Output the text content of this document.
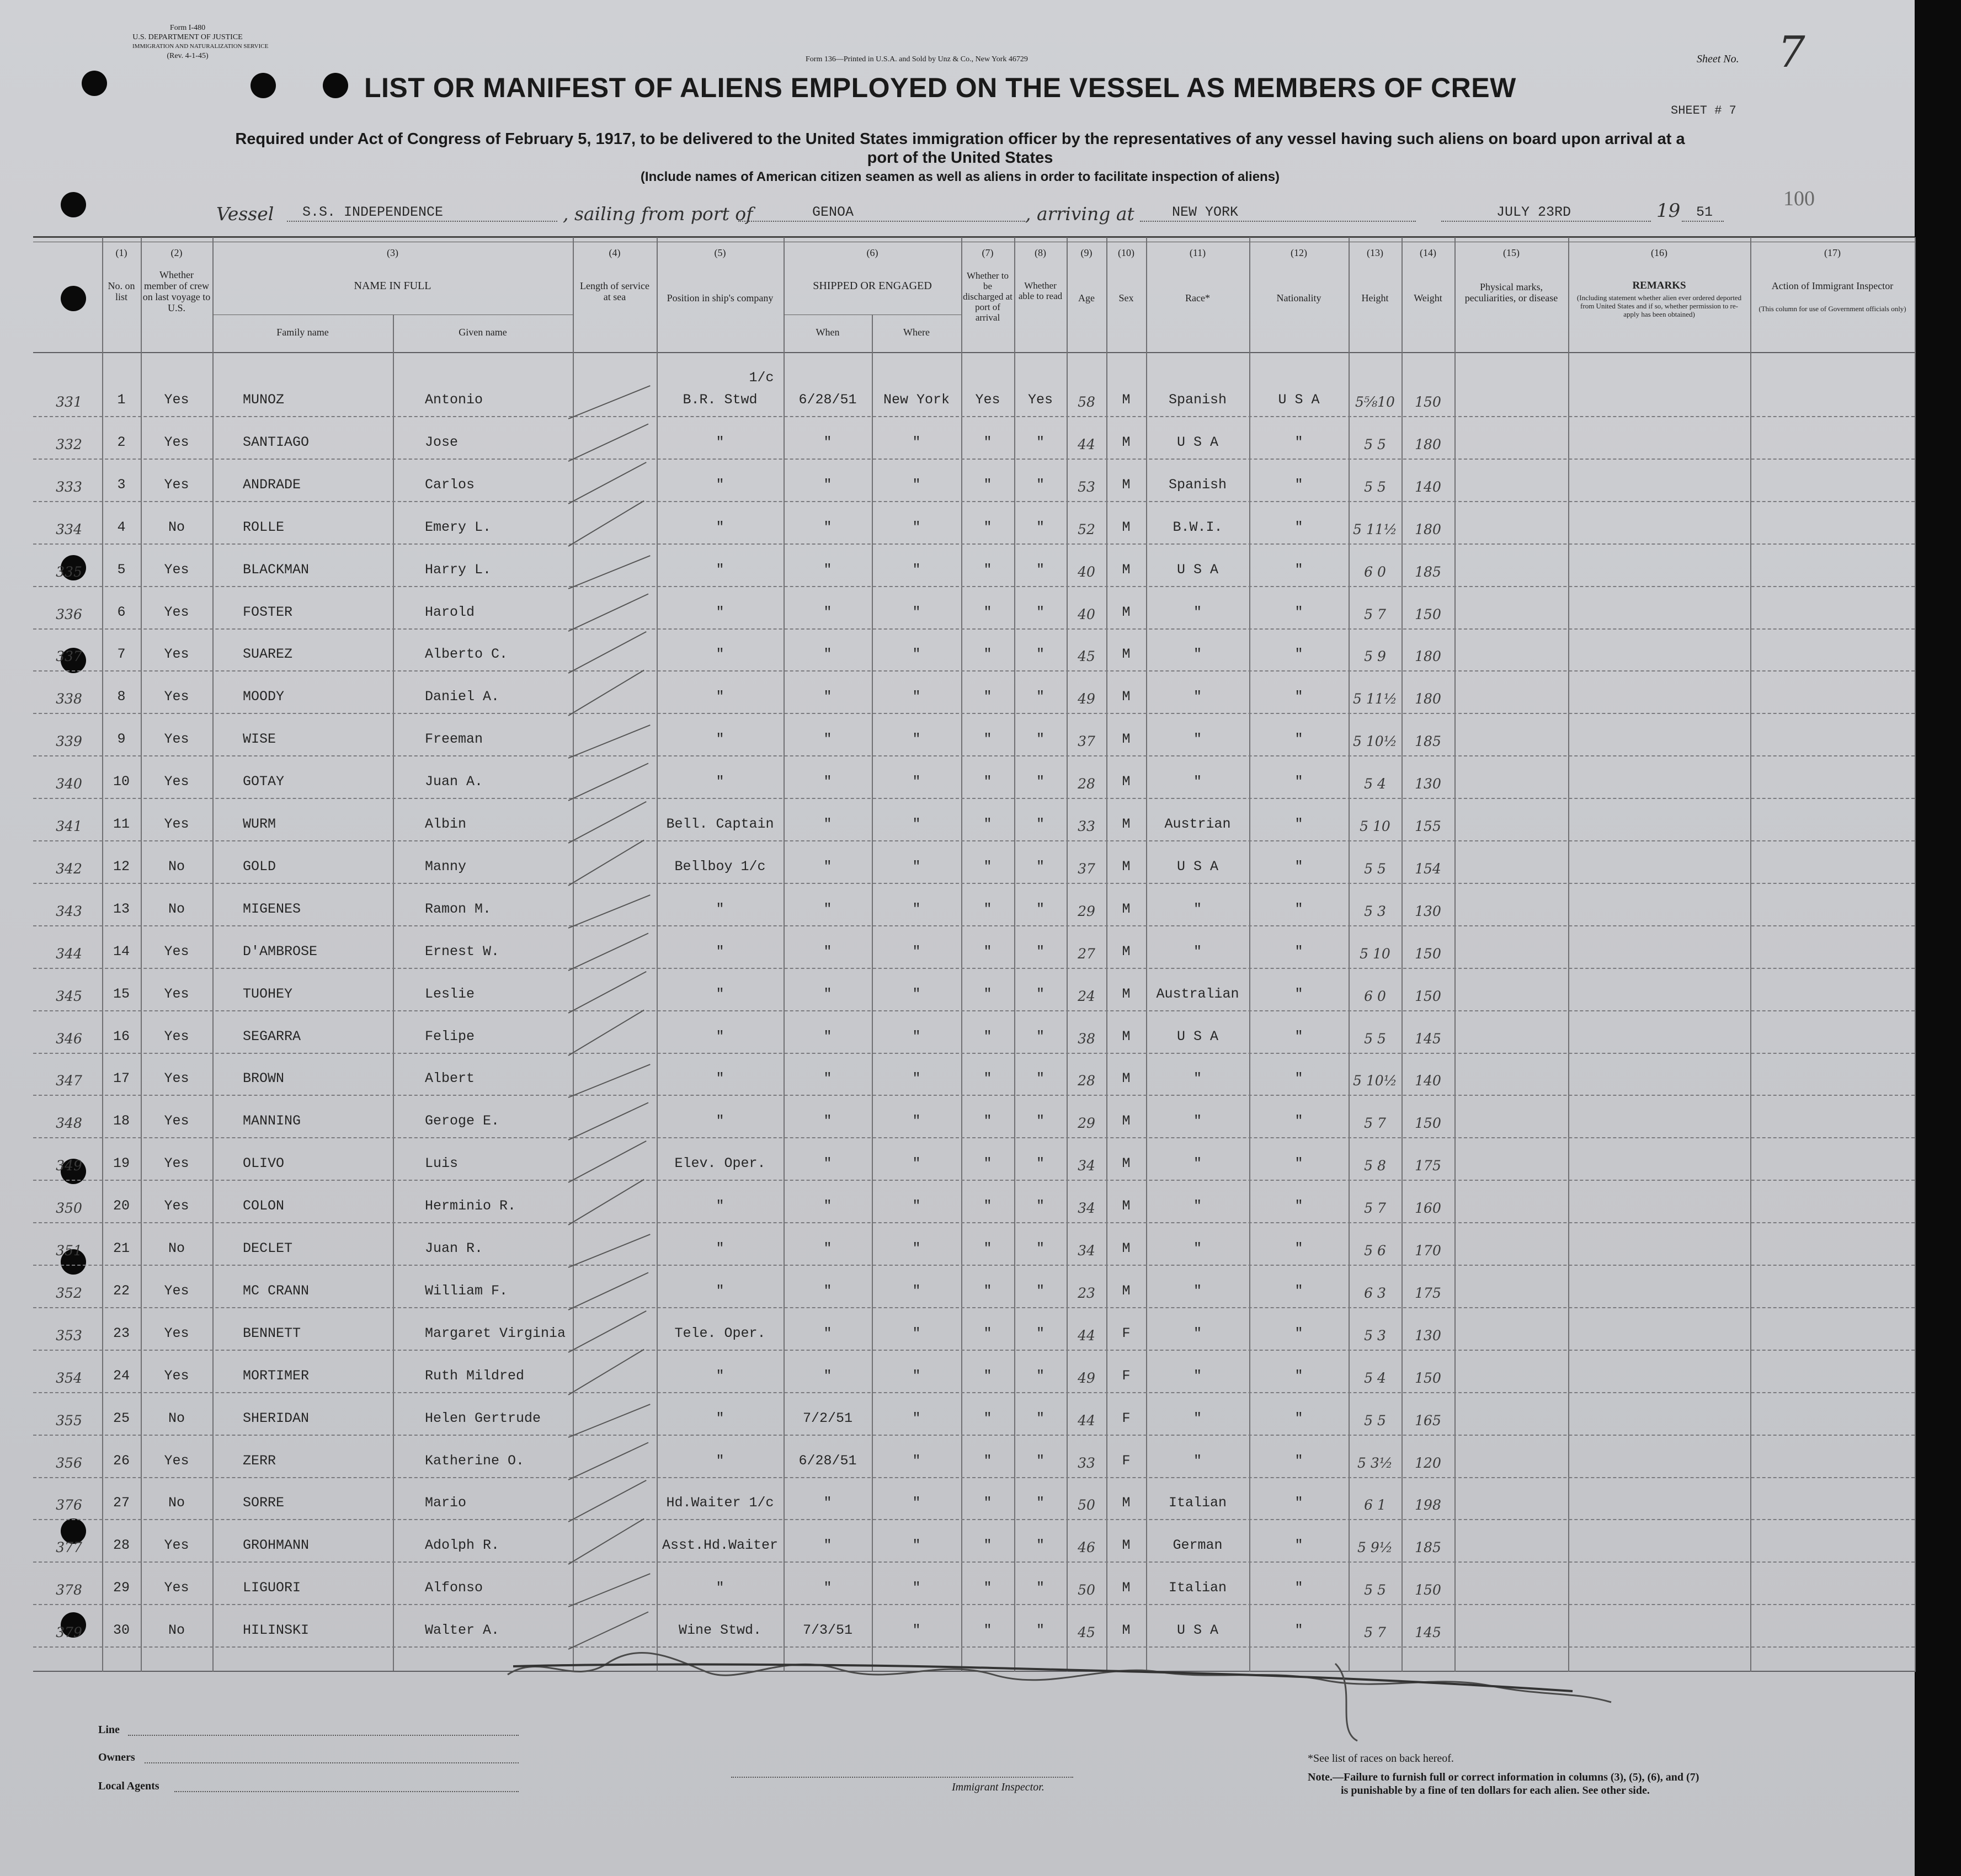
Form I-480
U.S. DEPARTMENT OF JUSTICE
IMMIGRATION AND NATURALIZATION SERVICE
(Rev. 4-1-45)	Form 136—Printed in U.S.A. and Sold by Unz & Co., New York 46729	Sheet No. 7
SHEET # 7
100
LIST OR MANIFEST OF ALIENS EMPLOYED ON THE VESSEL AS MEMBERS OF CREW
Required under Act of Congress of February 5, 1917, to be delivered to the United States immigration officer by the representatives of any vessel having such aliens on board upon arrival at a
port of the United States
(Include names of American citizen seamen as well as aliens in order to facilitate inspection of aliens)
Vessel S.S. INDEPENDENCE	, sailing from port of	GENOA	, arriving at	NEW YORK	JULY 23RD	19 51
(1)	(2)	(3)	(4)	(5)	(6)	(7)	(8)	(9)	(10)	(11)	(12)	(13)	(14)	(15)	(16)	(17)
No. on list
Whether member of crew on last voyage to U.S.
NAME IN FULL
Family name	Given name
Length of service at sea	Position in ship's company
SHIPPED OR ENGAGED
When	Where
Whether to be discharged at port of arrival
Whether able to read	Age	Sex	Race*	Nationality	Height	Weight
Physical marks, peculiarities, or disease
REMARKS
(Including statement whether alien ever ordered deported from United States and if so, whether permission to re-apply has been obtained)
Action of Immigrant Inspector
(This column for use of Government officials only)
331	1	Yes	MUNOZ	Antonio	B.R. Stwd	6/28/51	New York	Yes	Yes	58	M	Spanish	U S A	5⅝10	150
1/c
332	2	Yes	SANTIAGO	Jose	"	"	"	"	"	44	M	U S A	"	5 5	180
333	3	Yes	ANDRADE	Carlos	"	"	"	"	"	53	M	Spanish	"	5 5	140
334	4	No	ROLLE	Emery L.	"	"	"	"	"	52	M	B.W.I.	"	5 11½	180
335	5	Yes	BLACKMAN	Harry L.	"	"	"	"	"	40	M	U S A	"	6 0	185
336	6	Yes	FOSTER	Harold	"	"	"	"	"	40	M	"	"	5 7	150
337	7	Yes	SUAREZ	Alberto C.	"	"	"	"	"	45	M	"	"	5 9	180
338	8	Yes	MOODY	Daniel A.	"	"	"	"	"	49	M	"	"	5 11½	180
339	9	Yes	WISE	Freeman	"	"	"	"	"	37	M	"	"	5 10½	185
340	10	Yes	GOTAY	Juan A.	"	"	"	"	"	28	M	"	"	5 4	130
341	11	Yes	WURM	Albin	Bell. Captain	"	"	"	"	33	M	Austrian	"	5 10	155
342	12	No	GOLD	Manny	Bellboy 1/c	"	"	"	"	37	M	U S A	"	5 5	154
343	13	No	MIGENES	Ramon M.	"	"	"	"	"	29	M	"	"	5 3	130
344	14	Yes	D'AMBROSE	Ernest W.	"	"	"	"	"	27	M	"	"	5 10	150
345	15	Yes	TUOHEY	Leslie	"	"	"	"	"	24	M	Australian	"	6 0	150
346	16	Yes	SEGARRA	Felipe	"	"	"	"	"	38	M	U S A	"	5 5	145
347	17	Yes	BROWN	Albert	"	"	"	"	"	28	M	"	"	5 10½	140
348	18	Yes	MANNING	Geroge E.	"	"	"	"	"	29	M	"	"	5 7	150
349	19	Yes	OLIVO	Luis	Elev. Oper.	"	"	"	"	34	M	"	"	5 8	175
350	20	Yes	COLON	Herminio R.	"	"	"	"	"	34	M	"	"	5 7	160
351	21	No	DECLET	Juan R.	"	"	"	"	"	34	M	"	"	5 6	170
352	22	Yes	MC CRANN	William F.	"	"	"	"	"	23	M	"	"	6 3	175
353	23	Yes	BENNETT	Margaret Virginia	Tele. Oper.	"	"	"	"	44	F	"	"	5 3	130
354	24	Yes	MORTIMER	Ruth Mildred	"	"	"	"	"	49	F	"	"	5 4	150
355	25	No	SHERIDAN	Helen Gertrude	"	7/2/51	"	"	"	44	F	"	"	5 5	165
356	26	Yes	ZERR	Katherine O.	"	6/28/51	"	"	"	33	F	"	"	5 3½	120
376	27	No	SORRE	Mario	Hd.Waiter 1/c	"	"	"	"	50	M	Italian	"	6 1	198
377	28	Yes	GROHMANN	Adolph R.	Asst.Hd.Waiter	"	"	"	"	46	M	German	"	5 9½	185
378	29	Yes	LIGUORI	Alfonso	"	"	"	"	"	50	M	Italian	"	5 5	150
379	30	No	HILINSKI	Walter A.	Wine Stwd.	7/3/51	"	"	"	45	M	U S A	"	5 7	145
Line
Owners
Local Agents	Immigrant Inspector.
*See list of races on back hereof.
Note.—Failure to furnish full or correct information in columns (3), (5), (6), and (7)
is punishable by a fine of ten dollars for each alien. See other side.
